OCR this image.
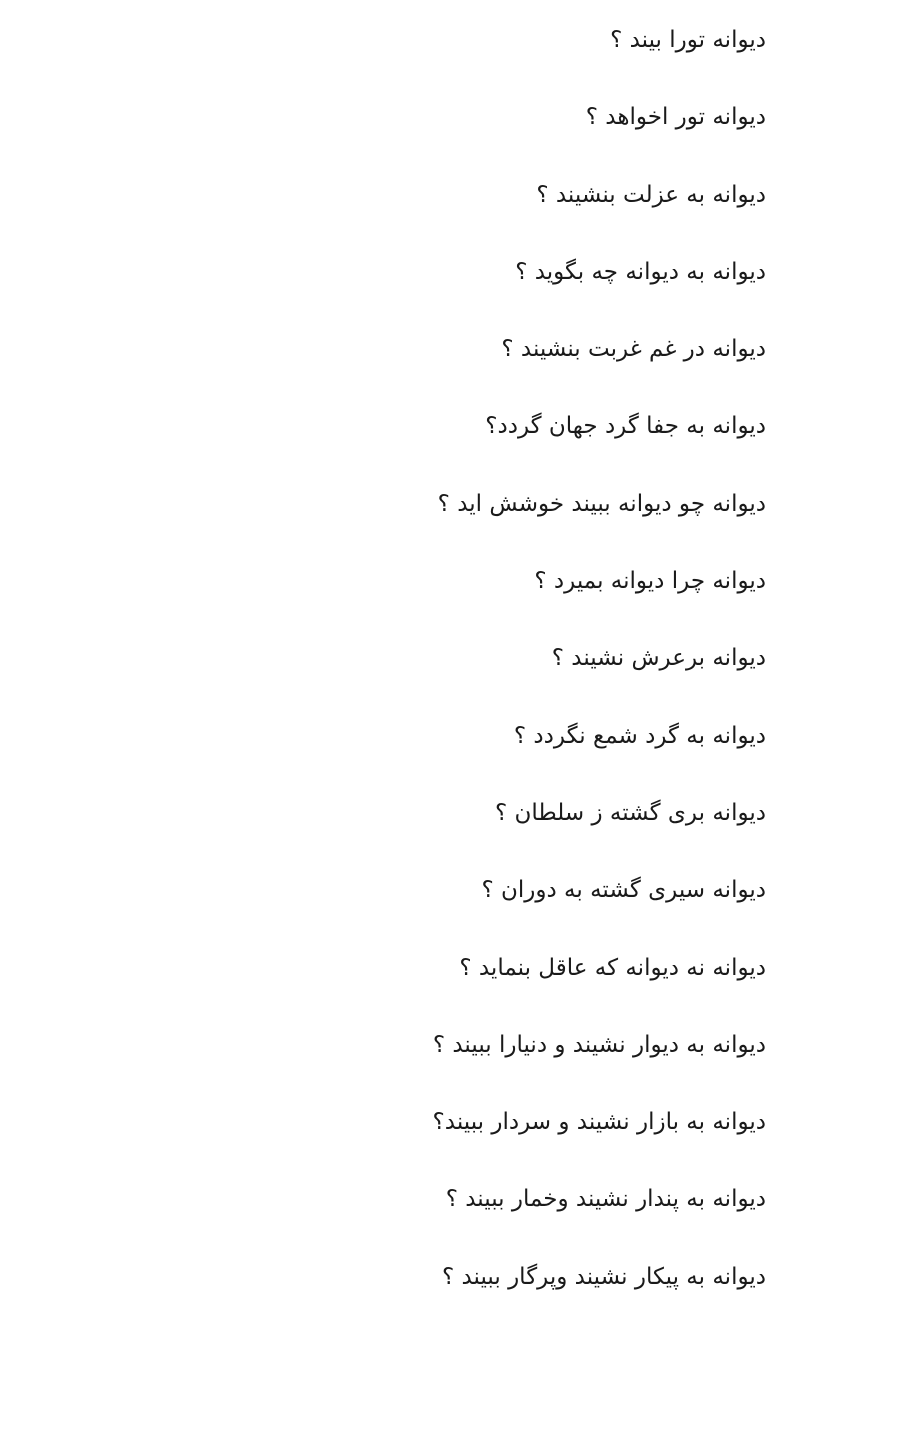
دیوانه تورا بیند ؟
دیوانه تور اخواهد ؟
دیوانه به عزلت بنشیند ؟
دیوانه به دیوانه چه بگوید ؟
دیوانه در غم غربت بنشیند ؟
دیوانه به جفا گرد جهان گردد؟
دیوانه چو دیوانه ببیند خوشش اید ؟
دیوانه چرا دیوانه بمیرد ؟
دیوانه برعرش نشیند ؟
دیوانه به گرد شمع نگردد ؟
دیوانه بری گشته ز سلطان ؟
دیوانه سیری گشته به دوران ؟
دیوانه نه دیوانه که عاقل بنماید ؟
دیوانه به دیوار نشیند و دنیارا ببیند ؟
دیوانه به بازار نشیند و سردار ببیند؟
دیوانه به پندار نشیند وخمار ببیند ؟
دیوانه به پیکار نشیند وپرگار ببیند ؟
